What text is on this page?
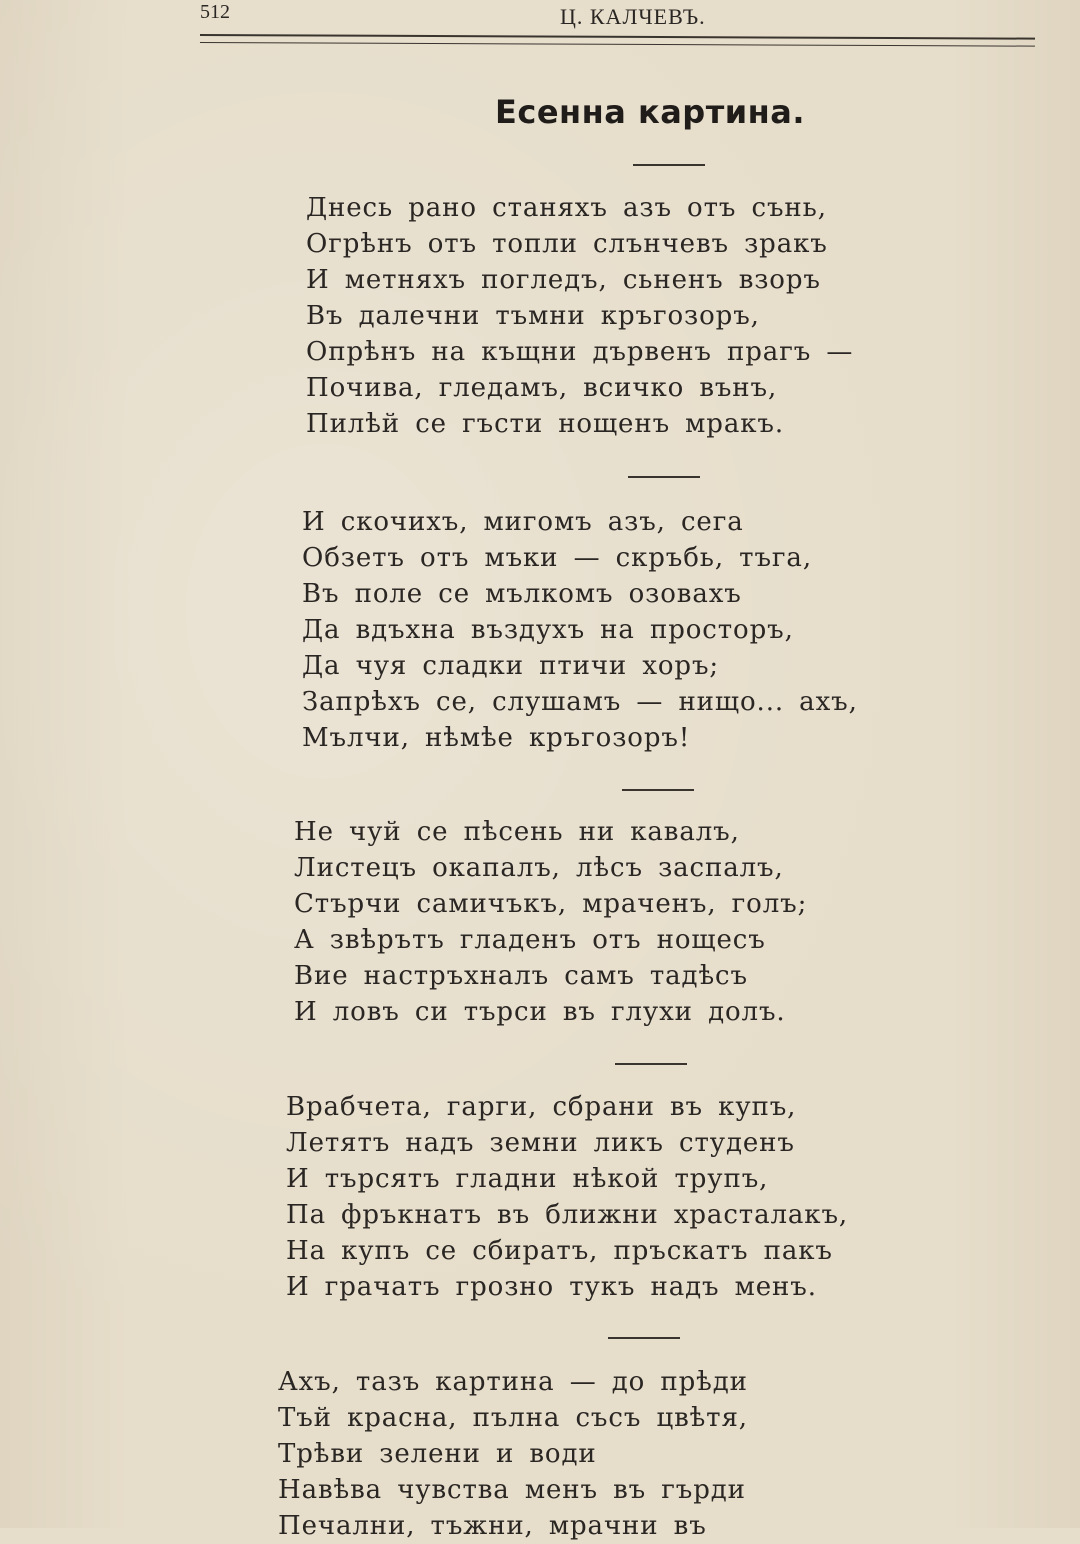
512	Ц. КАЛЧЕВЪ.
Есенна картина.
Днесь рано станяхъ азъ отъ сънь,
Огрѣнъ отъ топли слънчевъ зракъ
И метняхъ погледъ, сьненъ взоръ
Въ далечни тъмни кръгозоръ,
Опрѣнъ на къщни дървенъ прагъ —
Почива, гледамъ, всичко вънъ,
Пилѣй се гъсти нощенъ мракъ.
И скочихъ, мигомъ азъ, сега
Обзетъ отъ мъки — скръбь, тъга,
Въ поле се мълкомъ озовахъ
Да вдъхна въздухъ на просторъ,
Да чуя сладки птичи хоръ;
Запрѣхъ се, слушамъ — нищо... ахъ,
Мълчи, нѣмѣе кръгозоръ!
Не чуй се пѣсень ни кавалъ,
Листецъ окапалъ, лѣсъ заспалъ,
Стърчи самичъкъ, мраченъ, голъ;
А звѣрътъ гладенъ отъ нощесъ
Вие настръхналъ самъ тадѣсъ
И ловъ си търси въ глухи долъ.
Врабчета, гарги, сбрани въ купъ,
Летятъ надъ земни ликъ студенъ
И търсятъ гладни нѣкой трупъ,
Па фръкнатъ въ ближни храсталакъ,
На купъ се сбиратъ, пръскатъ пакъ
И грачатъ грозно тукъ надъ менъ.
Ахъ, тазъ картина — до прѣди
Тъй красна, пълна съсъ цвѣтя,
Трѣви зелени и води
Навѣва чувства менъ въ гърди
Печални, тъжни, мрачни въ
